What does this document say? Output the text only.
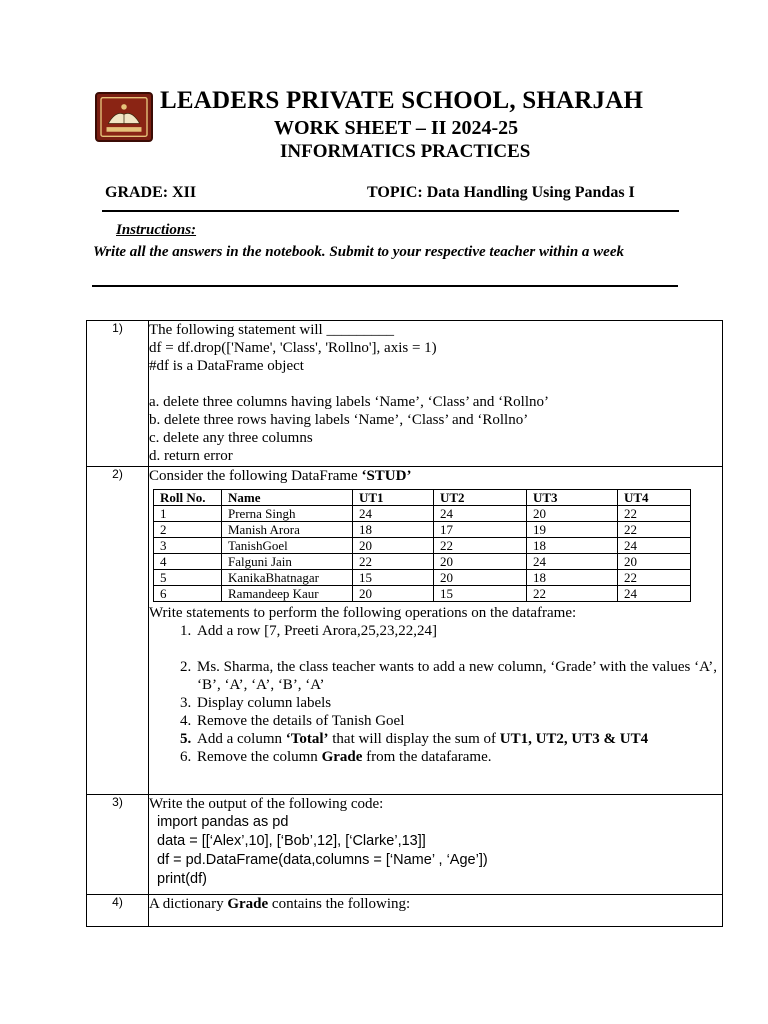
LEADERS PRIVATE SCHOOL, SHARJAH
WORK SHEET – II 2024-25
INFORMATICS PRACTICES
GRADE: XII	TOPIC: Data Handling Using Pandas I
Instructions:
Write all the answers in the notebook. Submit to your respective teacher within a week
1)	The following statement will _________
df = df.drop(['Name', 'Class', 'Rollno'], axis = 1)
#df is a DataFrame object
a. delete three columns having labels ‘Name’, ‘Class’ and ‘Rollno’
b. delete three rows having labels ‘Name’, ‘Class’ and ‘Rollno’
c. delete any three columns
d. return error

2)	Consider the following DataFrame ‘STUD’
Roll No.	Name	UT1	UT2	UT3	UT4
1	Prerna Singh	24	24	20	22
2	Manish Arora	18	17	19	22
3	TanishGoel	20	22	18	24
4	Falguni Jain	22	20	24	20
5	KanikaBhatnagar	15	20	18	22
6	Ramandeep Kaur	20	15	22	24
Write statements to perform the following operations on the dataframe:
1. Add a row [7, Preeti Arora,25,23,22,24]
2. Ms. Sharma, the class teacher wants to add a new column, ‘Grade’ with the values ‘A’, ‘B’, ‘A’, ‘A’, ‘B’, ‘A’
3. Display column labels
4. Remove the details of Tanish Goel
5. Add a column ‘Total’ that will display the sum of UT1, UT2, UT3 & UT4
6. Remove the column Grade from the datafarame.

3)	Write the output of the following code:
import pandas as pd
data = [[‘Alex’,10], [‘Bob’,12], [‘Clarke’,13]]
df = pd.DataFrame(data,columns = [‘Name’ , ‘Age’])
print(df)

4)	A dictionary Grade contains the following:
